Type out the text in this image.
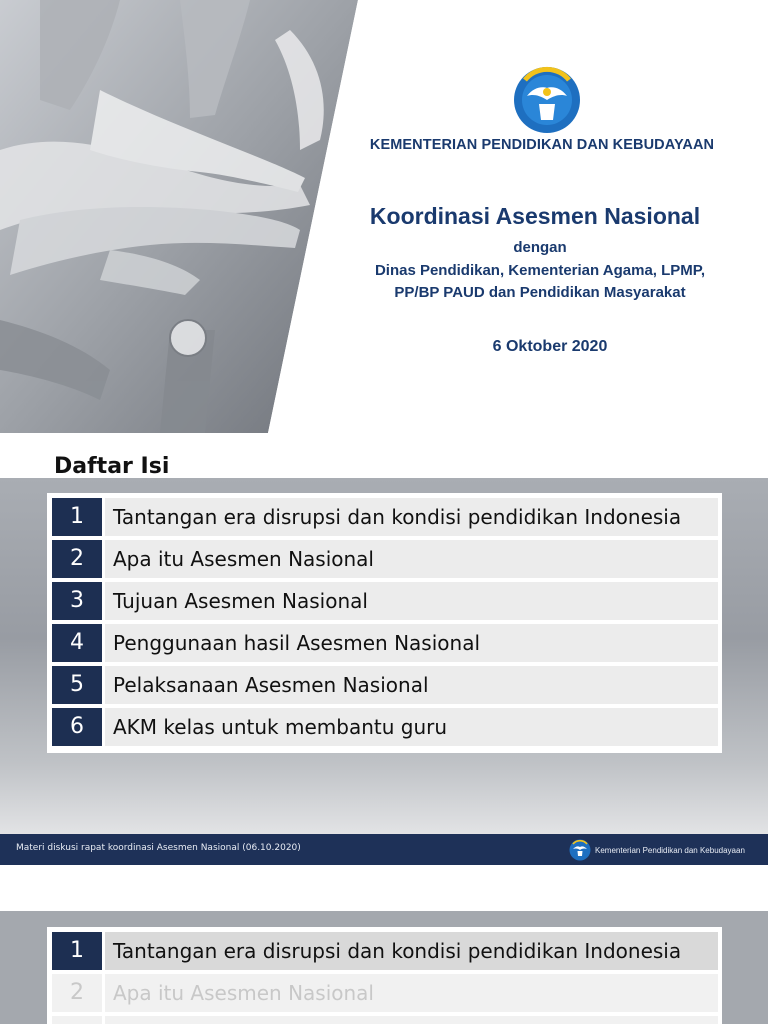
KEMENTERIAN PENDIDIKAN DAN KEBUDAYAAN
Koordinasi Asesmen Nasional
dengan
Dinas Pendidikan, Kementerian Agama, LPMP,
PP/BP PAUD dan Pendidikan Masyarakat
6 Oktober 2020
Daftar Isi
1	Tantangan era disrupsi dan kondisi pendidikan Indonesia
2	Apa itu Asesmen Nasional
3	Tujuan Asesmen Nasional
4	Penggunaan hasil Asesmen Nasional
5	Pelaksanaan Asesmen Nasional
6	AKM kelas untuk membantu guru
Materi diskusi rapat koordinasi Asesmen Nasional (06.10.2020)	Kementerian Pendidikan dan Kebudayaan
1	Tantangan era disrupsi dan kondisi pendidikan Indonesia
2	Apa itu Asesmen Nasional
